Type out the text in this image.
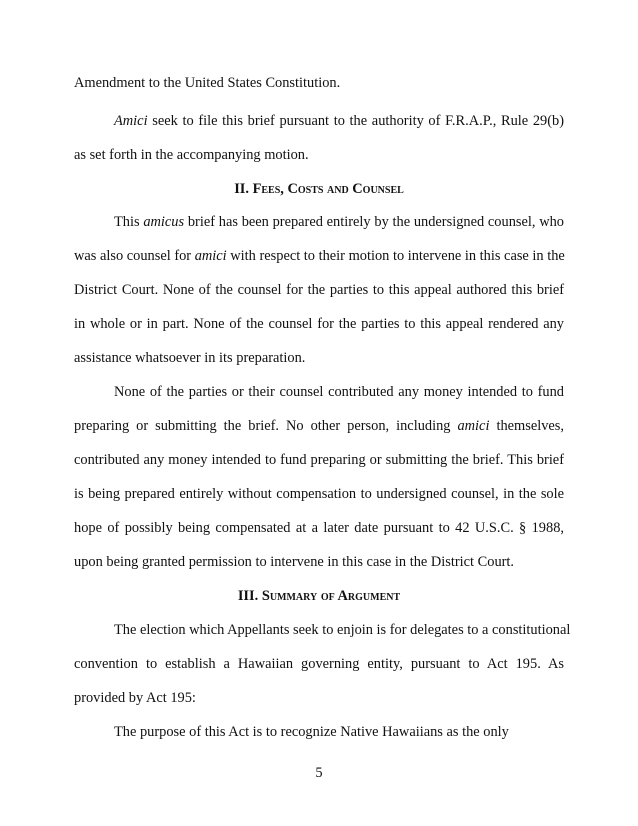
Amendment to the United States Constitution.
Amici seek to file this brief pursuant to the authority of F.R.A.P., Rule 29(b)
as set forth in the accompanying motion.
II. Fees, Costs and Counsel
This amicus brief has been prepared entirely by the undersigned counsel, who
was also counsel for amici with respect to their motion to intervene in this case in the
District Court. None of the counsel for the parties to this appeal authored this brief
in whole or in part. None of the counsel for the parties to this appeal rendered any
assistance whatsoever in its preparation.
None of the parties or their counsel contributed any money intended to fund
preparing or submitting the brief. No other person, including amici themselves,
contributed any money intended to fund preparing or submitting the brief. This brief
is being prepared entirely without compensation to undersigned counsel, in the sole
hope of possibly being compensated at a later date pursuant to 42 U.S.C. § 1988,
upon being granted permission to intervene in this case in the District Court.
III. Summary of Argument
The election which Appellants seek to enjoin is for delegates to a constitutional
convention to establish a Hawaiian governing entity, pursuant to Act 195. As
provided by Act 195:
The purpose of this Act is to recognize Native Hawaiians as the only
5
